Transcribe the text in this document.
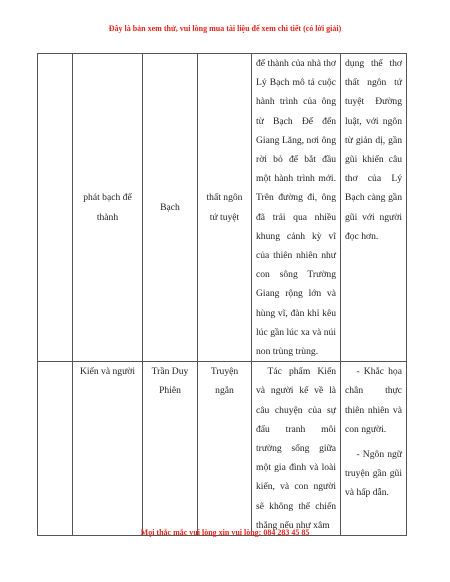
Đây là bản xem thử, vui lòng mua tài liệu để xem chi tiết (có lời giải)
	phát bạch đế thành	Bạch	thất ngôn tứ tuyệt	đế thành của nhà thơ Lý Bạch mô tả cuộc hành trình của ông từ Bạch Đế đến Giang Lăng, nơi ông rời bỏ để bắt đầu một hành trình mới. Trên đường đi, ông đã trải qua nhiều khung cảnh kỳ vĩ của thiên nhiên như con sông Trường Giang rộng lớn và hùng vĩ, đàn khỉ kêu lúc gần lúc xa và núi non trùng trùng.	dụng thể thơ thất ngôn tứ tuyệt Đường luật, với ngôn từ giản dị, gần gũi khiến câu thơ của Lý Bạch càng gần gũi với người đọc hơn.
	Kiến và người	Trần Duy Phiên	Truyện ngắn	Tác phẩm Kiến và người kể về là câu chuyện của sự đấu tranh môi trường sống giữa một gia đình và loài kiến, và con người sẽ không thể chiến thắng nếu như xâm	- Khắc họa chân thực thiên nhiên và con người.
- Ngôn ngữ truyện gần gũi và hấp dẫn.
Mọi thắc mắc vui lòng xin vui lòng: 084 283 45 85
